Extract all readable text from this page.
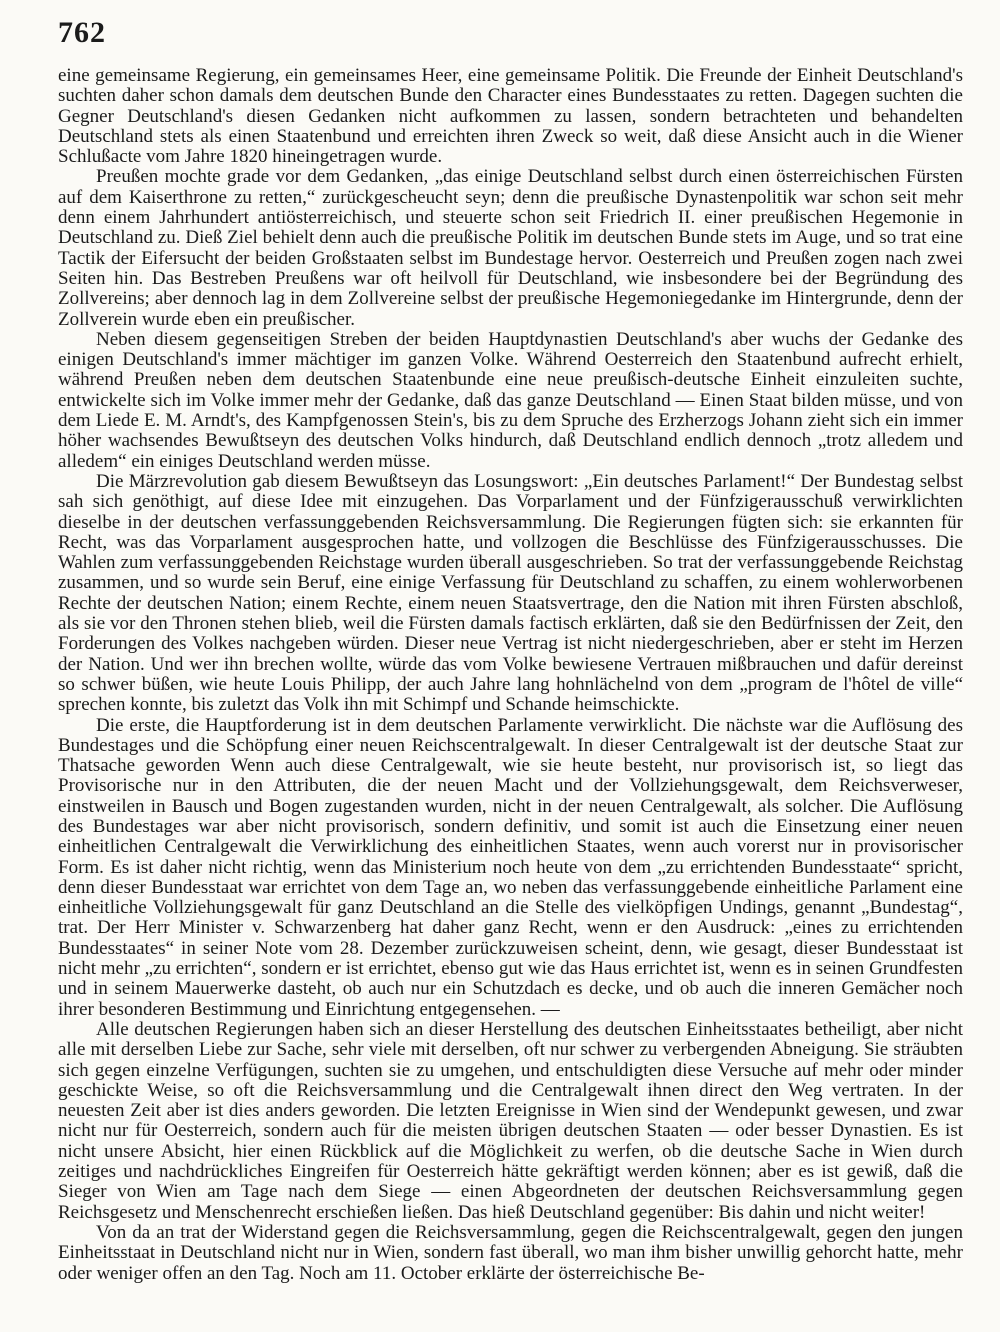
762

eine gemeinsame Regierung, ein gemeinsames Heer, eine gemeinsame Politik. Die Freunde der Einheit Deutschland's suchten daher schon damals dem deutschen Bunde den Character eines Bundesstaates zu retten. Dagegen suchten die Gegner Deutschland's diesen Gedanken nicht aufkommen zu lassen, sondern betrachteten und behandelten Deutschland stets als einen Staatenbund und erreichten ihren Zweck so weit, daß diese Ansicht auch in die Wiener Schlußacte vom Jahre 1820 hineingetragen wurde.

Preußen mochte grade vor dem Gedanken, „das einige Deutschland selbst durch einen österreichischen Fürsten auf dem Kaiserthrone zu retten,“ zurückgescheucht seyn; denn die preußische Dynastenpolitik war schon seit mehr denn einem Jahrhundert antiösterreichisch, und steuerte schon seit Friedrich II. einer preußischen Hegemonie in Deutschland zu. Dieß Ziel behielt denn auch die preußische Politik im deutschen Bunde stets im Auge, und so trat eine Tactik der Eifersucht der beiden Großstaaten selbst im Bundestage hervor. Oesterreich und Preußen zogen nach zwei Seiten hin. Das Bestreben Preußens war oft heilvoll für Deutschland, wie insbesondere bei der Begründung des Zollvereins; aber dennoch lag in dem Zollvereine selbst der preußische Hegemoniegedanke im Hintergrunde, denn der Zollverein wurde eben ein preußischer.

Neben diesem gegenseitigen Streben der beiden Hauptdynastien Deutschland's aber wuchs der Gedanke des einigen Deutschland's immer mächtiger im ganzen Volke. Während Oesterreich den Staatenbund aufrecht erhielt, während Preußen neben dem deutschen Staatenbunde eine neue preußisch-deutsche Einheit einzuleiten suchte, entwickelte sich im Volke immer mehr der Gedanke, daß das ganze Deutschland — Einen Staat bilden müsse, und von dem Liede E. M. Arndt's, des Kampfgenossen Stein's, bis zu dem Spruche des Erzherzogs Johann zieht sich ein immer höher wachsendes Bewußtseyn des deutschen Volks hindurch, daß Deutschland endlich dennoch „trotz alledem und alledem“ ein einiges Deutschland werden müsse.

Die Märzrevolution gab diesem Bewußtseyn das Losungswort: „Ein deutsches Parlament!“ Der Bundestag selbst sah sich genöthigt, auf diese Idee mit einzugehen. Das Vorparlament und der Fünfzigerausschuß verwirklichten dieselbe in der deutschen verfassunggebenden Reichsversammlung. Die Regierungen fügten sich: sie erkannten für Recht, was das Vorparlament ausgesprochen hatte, und vollzogen die Beschlüsse des Fünfzigerausschusses. Die Wahlen zum verfassunggebenden Reichstage wurden überall ausgeschrieben. So trat der verfassunggebende Reichstag zusammen, und so wurde sein Beruf, eine einige Verfassung für Deutschland zu schaffen, zu einem wohlerworbenen Rechte der deutschen Nation; einem Rechte, einem neuen Staatsvertrage, den die Nation mit ihren Fürsten abschloß, als sie vor den Thronen stehen blieb, weil die Fürsten damals factisch erklärten, daß sie den Bedürfnissen der Zeit, den Forderungen des Volkes nachgeben würden. Dieser neue Vertrag ist nicht niedergeschrieben, aber er steht im Herzen der Nation. Und wer ihn brechen wollte, würde das vom Volke bewiesene Vertrauen mißbrauchen und dafür dereinst so schwer büßen, wie heute Louis Philipp, der auch Jahre lang hohnlächelnd von dem „program de l'hôtel de ville“ sprechen konnte, bis zuletzt das Volk ihn mit Schimpf und Schande heimschickte.

Die erste, die Hauptforderung ist in dem deutschen Parlamente verwirklicht. Die nächste war die Auflösung des Bundestages und die Schöpfung einer neuen Reichscentralgewalt. In dieser Centralgewalt ist der deutsche Staat zur Thatsache geworden Wenn auch diese Centralgewalt, wie sie heute besteht, nur provisorisch ist, so liegt das Provisorische nur in den Attributen, die der neuen Macht und der Vollziehungsgewalt, dem Reichsverweser, einstweilen in Bausch und Bogen zugestanden wurden, nicht in der neuen Centralgewalt, als solcher. Die Auflösung des Bundestages war aber nicht provisorisch, sondern definitiv, und somit ist auch die Einsetzung einer neuen einheitlichen Centralgewalt die Verwirklichung des einheitlichen Staates, wenn auch vorerst nur in provisorischer Form. Es ist daher nicht richtig, wenn das Ministerium noch heute von dem „zu errichtenden Bundesstaate“ spricht, denn dieser Bundesstaat war errichtet von dem Tage an, wo neben das verfassunggebende einheitliche Parlament eine einheitliche Vollziehungsgewalt für ganz Deutschland an die Stelle des vielköpfigen Undings, genannt „Bundestag“, trat. Der Herr Minister v. Schwarzenberg hat daher ganz Recht, wenn er den Ausdruck: „eines zu errichtenden Bundesstaates“ in seiner Note vom 28. Dezember zurückzuweisen scheint, denn, wie gesagt, dieser Bundesstaat ist nicht mehr „zu errichten“, sondern er ist errichtet, ebenso gut wie das Haus errichtet ist, wenn es in seinen Grundfesten und in seinem Mauerwerke dasteht, ob auch nur ein Schutzdach es decke, und ob auch die inneren Gemächer noch ihrer besonderen Bestimmung und Einrichtung entgegensehen. —

Alle deutschen Regierungen haben sich an dieser Herstellung des deutschen Einheitsstaates betheiligt, aber nicht alle mit derselben Liebe zur Sache, sehr viele mit derselben, oft nur schwer zu verbergenden Abneigung. Sie sträubten sich gegen einzelne Verfügungen, suchten sie zu umgehen, und entschuldigten diese Versuche auf mehr oder minder geschickte Weise, so oft die Reichsversammlung und die Centralgewalt ihnen direct den Weg vertraten. In der neuesten Zeit aber ist dies anders geworden. Die letzten Ereignisse in Wien sind der Wendepunkt gewesen, und zwar nicht nur für Oesterreich, sondern auch für die meisten übrigen deutschen Staaten — oder besser Dynastien. Es ist nicht unsere Absicht, hier einen Rückblick auf die Möglichkeit zu werfen, ob die deutsche Sache in Wien durch zeitiges und nachdrückliches Eingreifen für Oesterreich hätte gekräftigt werden können; aber es ist gewiß, daß die Sieger von Wien am Tage nach dem Siege — einen Abgeordneten der deutschen Reichsversammlung gegen Reichsgesetz und Menschenrecht erschießen ließen. Das hieß Deutschland gegenüber: Bis dahin und nicht weiter!

Von da an trat der Widerstand gegen die Reichsversammlung, gegen die Reichscentralgewalt, gegen den jungen Einheitsstaat in Deutschland nicht nur in Wien, sondern fast überall, wo man ihm bisher unwillig gehorcht hatte, mehr oder weniger offen an den Tag. Noch am 11. October erklärte der österreichische Be-
